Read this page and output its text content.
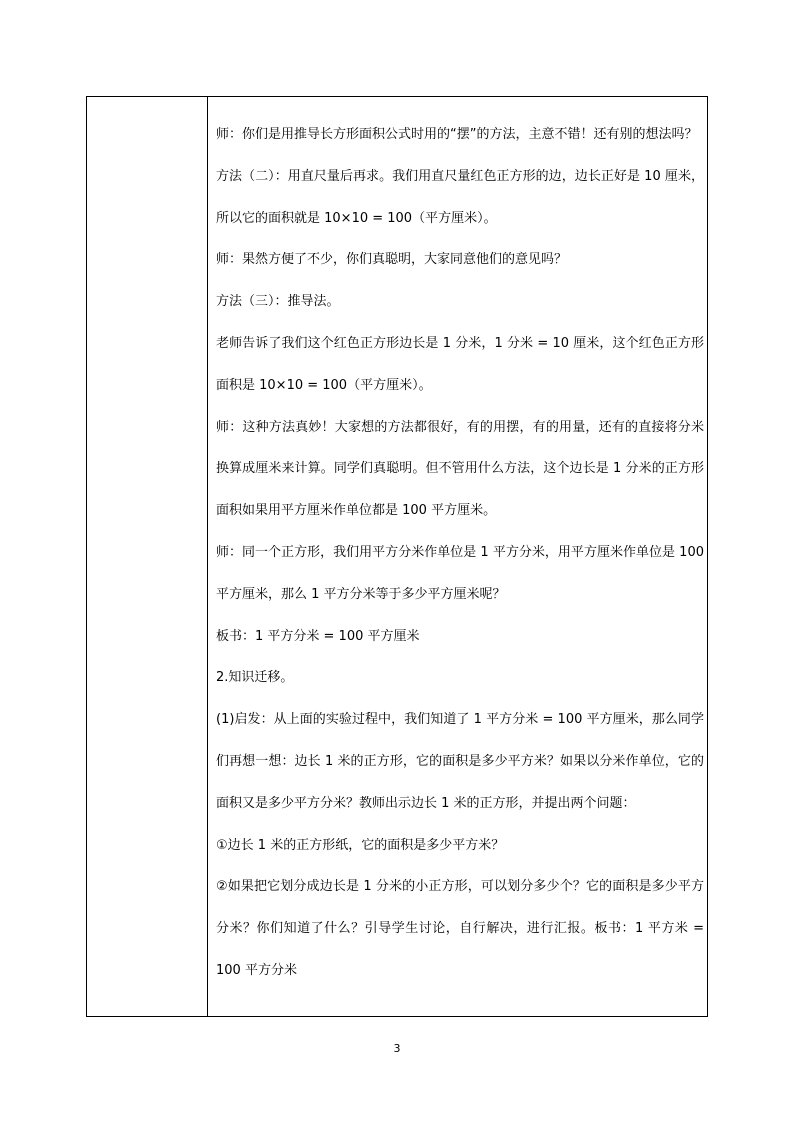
师：你们是用推导长方形面积公式时用的“摆”的方法，主意不错！还有别的想法吗？

方法（二）：用直尺量后再求。我们用直尺量红色正方形的边，边长正好是 10 厘米，所以它的面积就是 10×10 = 100（平方厘米）。

师：果然方便了不少，你们真聪明，大家同意他们的意见吗？

方法（三）：推导法。

老师告诉了我们这个红色正方形边长是 1 分米，1 分米 = 10 厘米，这个红色正方形面积是 10×10 = 100（平方厘米）。

师：这种方法真妙！大家想的方法都很好，有的用摆，有的用量，还有的直接将分米换算成厘米来计算。同学们真聪明。但不管用什么方法，这个边长是 1 分米的正方形面积如果用平方厘米作单位都是 100 平方厘米。

师：同一个正方形，我们用平方分米作单位是 1 平方分米，用平方厘米作单位是 100 平方厘米，那么 1 平方分米等于多少平方厘米呢？

板书：1 平方分米 = 100 平方厘米

2.知识迁移。

(1)启发：从上面的实验过程中，我们知道了 1 平方分米 = 100 平方厘米，那么同学们再想一想：边长 1 米的正方形，它的面积是多少平方米？如果以分米作单位，它的面积又是多少平方分米？教师出示边长 1 米的正方形，并提出两个问题：

①边长 1 米的正方形纸，它的面积是多少平方米？

②如果把它划分成边长是 1 分米的小正方形，可以划分多少个？它的面积是多少平方分米？你们知道了什么？引导学生讨论，自行解决，进行汇报。板书：1 平方米 = 100 平方分米

3
